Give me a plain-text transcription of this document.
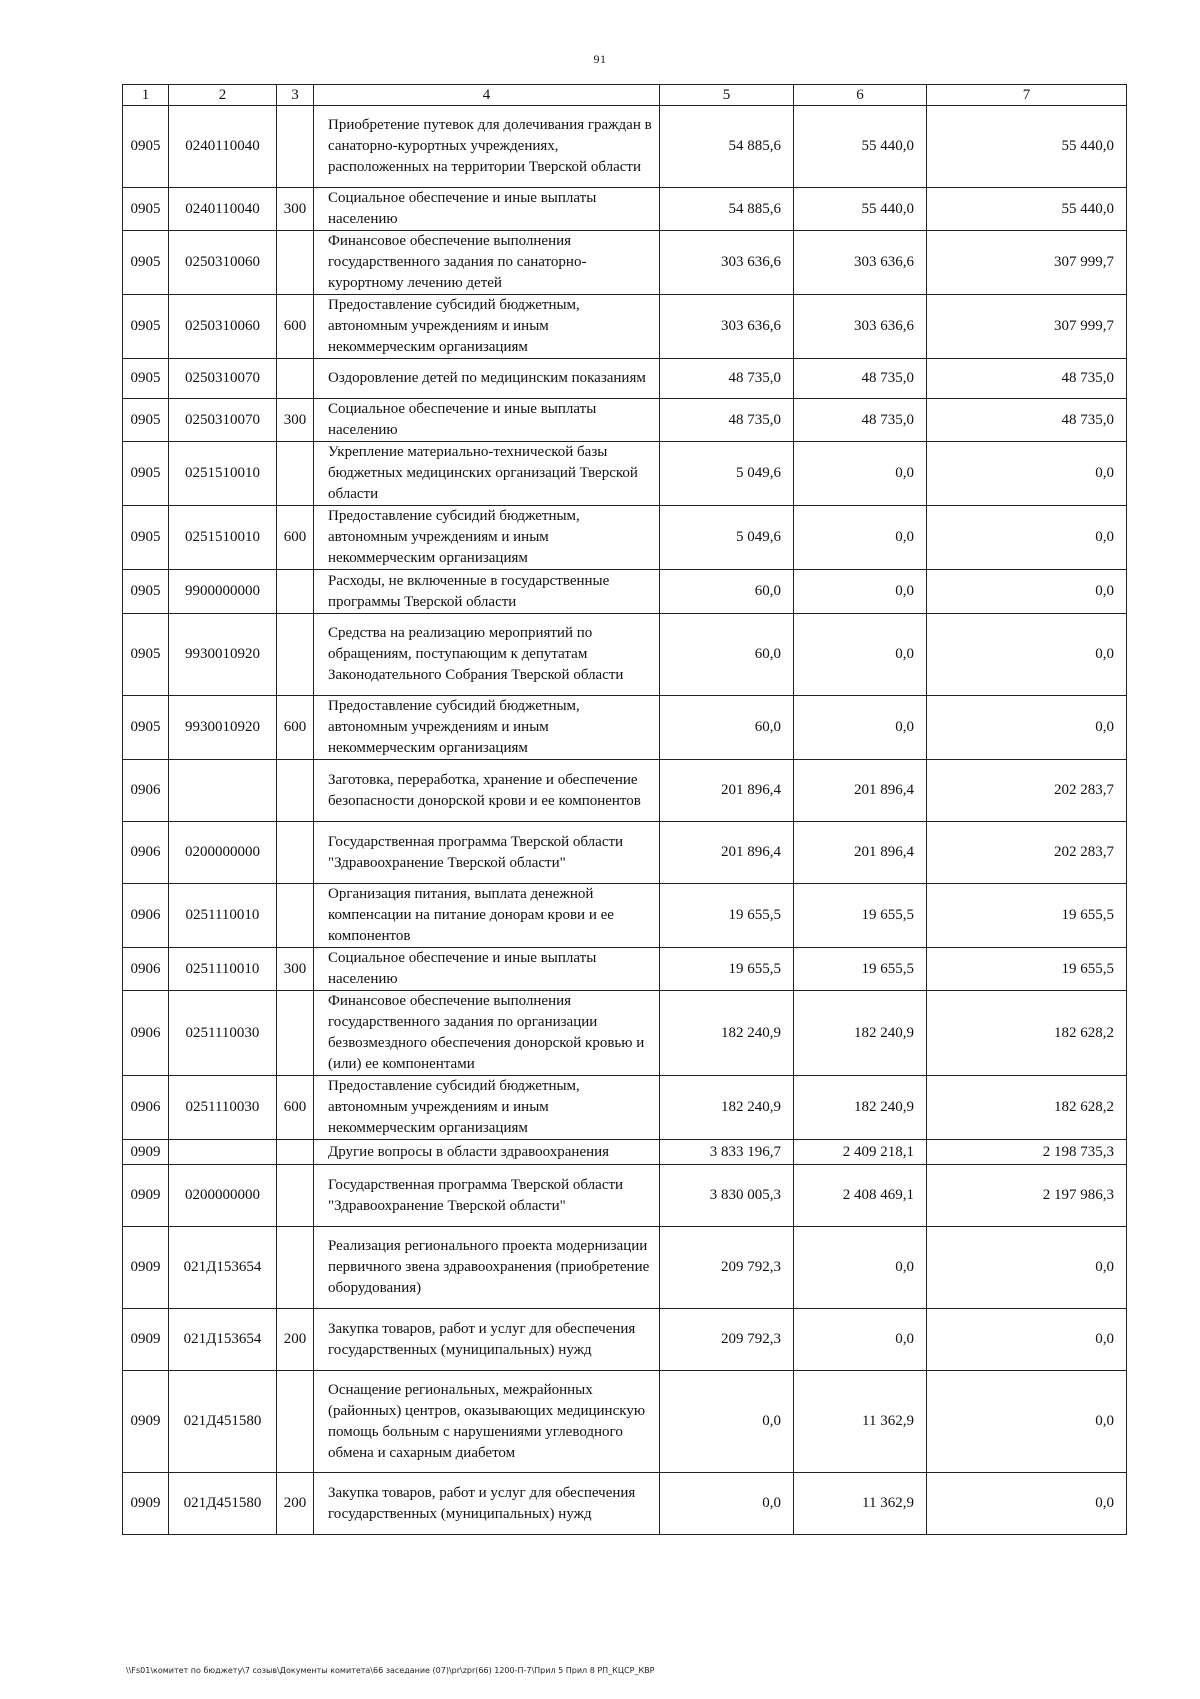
91
1	2	3	4	5	6	7
0905	0240110040		Приобретение путевок для долечивания граждан в санаторно-курортных учреждениях, расположенных на территории Тверской области	54 885,6	55 440,0	55 440,0
0905	0240110040	300	Социальное обеспечение и иные выплаты населению	54 885,6	55 440,0	55 440,0
0905	0250310060		Финансовое обеспечение выполнения государственного задания по санаторно-курортному лечению детей	303 636,6	303 636,6	307 999,7
0905	0250310060	600	Предоставление субсидий бюджетным, автономным учреждениям и иным некоммерческим организациям	303 636,6	303 636,6	307 999,7
0905	0250310070		Оздоровление детей по медицинским показаниям	48 735,0	48 735,0	48 735,0
0905	0250310070	300	Социальное обеспечение и иные выплаты населению	48 735,0	48 735,0	48 735,0
0905	0251510010		Укрепление материально-технической базы бюджетных медицинских организаций Тверской области	5 049,6	0,0	0,0
0905	0251510010	600	Предоставление субсидий бюджетным, автономным учреждениям и иным некоммерческим организациям	5 049,6	0,0	0,0
0905	9900000000		Расходы, не включенные в государственные программы Тверской области	60,0	0,0	0,0
0905	9930010920		Средства на реализацию мероприятий по обращениям, поступающим к депутатам Законодательного Собрания Тверской области	60,0	0,0	0,0
0905	9930010920	600	Предоставление субсидий бюджетным, автономным учреждениям и иным некоммерческим организациям	60,0	0,0	0,0
0906			Заготовка, переработка, хранение и обеспечение безопасности донорской крови и ее компонентов	201 896,4	201 896,4	202 283,7
0906	0200000000		Государственная программа Тверской области "Здравоохранение Тверской области"	201 896,4	201 896,4	202 283,7
0906	0251110010		Организация питания, выплата денежной компенсации на питание донорам крови и ее компонентов	19 655,5	19 655,5	19 655,5
0906	0251110010	300	Социальное обеспечение и иные выплаты населению	19 655,5	19 655,5	19 655,5
0906	0251110030		Финансовое обеспечение выполнения государственного задания по организации безвозмездного обеспечения донорской кровью и (или) ее компонентами	182 240,9	182 240,9	182 628,2
0906	0251110030	600	Предоставление субсидий бюджетным, автономным учреждениям и иным некоммерческим организациям	182 240,9	182 240,9	182 628,2
0909			Другие вопросы в области здравоохранения	3 833 196,7	2 409 218,1	2 198 735,3
0909	0200000000		Государственная программа Тверской области "Здравоохранение Тверской области"	3 830 005,3	2 408 469,1	2 197 986,3
0909	021Д153654		Реализация регионального проекта модернизации первичного звена здравоохранения (приобретение оборудования)	209 792,3	0,0	0,0
0909	021Д153654	200	Закупка товаров, работ и услуг для обеспечения государственных (муниципальных) нужд	209 792,3	0,0	0,0
0909	021Д451580		Оснащение региональных, межрайонных (районных) центров, оказывающих медицинскую помощь больным с нарушениями углеводного обмена и сахарным диабетом	0,0	11 362,9	0,0
0909	021Д451580	200	Закупка товаров, работ и услуг для обеспечения государственных (муниципальных) нужд	0,0	11 362,9	0,0
\\Fs01\комитет по бюджету\7 созыв\Документы комитета\66 заседание (07)\pr\zpr(66) 1200-П-7\Прил 5 Прил 8 РП_КЦСР_КВР
